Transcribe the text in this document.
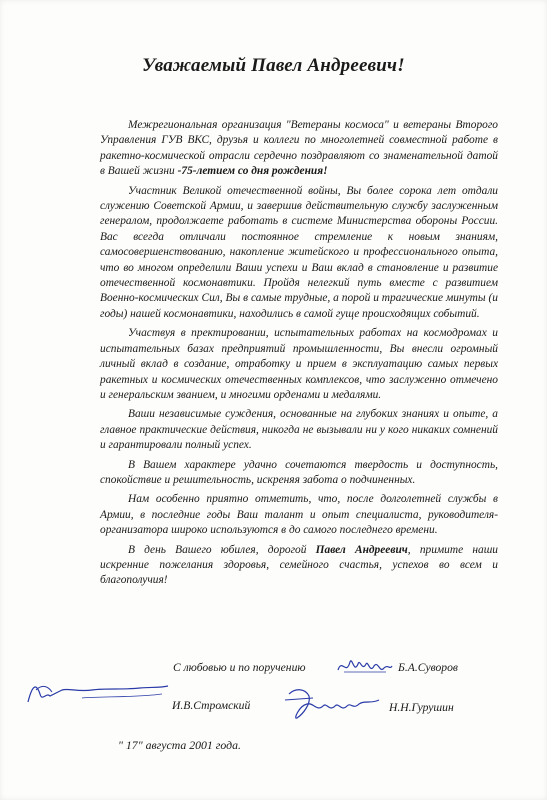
Уважаемый Павел Андреевич!

Межрегиональная организация "Ветераны космоса" и ветераны Второго Управления ГУВ ВКС, друзья и коллеги по многолетней совместной работе в ракетно-космической отрасли сердечно поздравляют со знаменательной датой в Вашей жизни -75-летием со дня рождения!

Участник Великой отечественной войны, Вы более сорока лет отдали служению Советской Армии, и завершив действительную службу заслуженным генералом, продолжаете работать в системе Министерства обороны России. Вас всегда отличали постоянное стремление к новым знаниям, самосовершенствованию, накопление житейского и профессионального опыта, что во многом определили Ваши успехи и Ваш вклад в становление и развитие отечественной космонавтики. Пройдя нелегкий путь вместе с развитием Военно-космических Сил, Вы в самые трудные, а порой и трагические минуты (и годы) нашей космонавтики, находились в самой гуще происходящих событий.

Участвуя в пректировании, испытательных работах на космодромах и испытательных базах предприятий промышленности, Вы внесли огромный личный вклад в создание, отработку и прием в эксплуатацию самых первых ракетных и космических отечественных комплексов, что заслуженно отмечено и генеральским званием, и многими орденами и медалями.

Ваши независимые суждения, основанные на глубоких знаниях и опыте, а главное практические действия, никогда не вызывали ни у кого никаких сомнений и гарантировали полный успех.

В Вашем характере удачно сочетаются твердость и доступность, спокойствие и решительность, искреняя забота о подчиненных.

Нам особенно приятно отметить, что, после долголетней службы в Армии, в последние годы Ваш талант и опыт специалиста, руководителя-организатора широко используются в до самого последнего времени.

В день Вашего юбилея, дорогой Павел Андреевич, примите наши искренние пожелания здоровья, семейного счастья, успехов во всем и благополучия!

С любовью и по поручению	Б.А.Суворов
И.В.Стромский	Н.Н.Гурушин
" 17" августа 2001 года.
